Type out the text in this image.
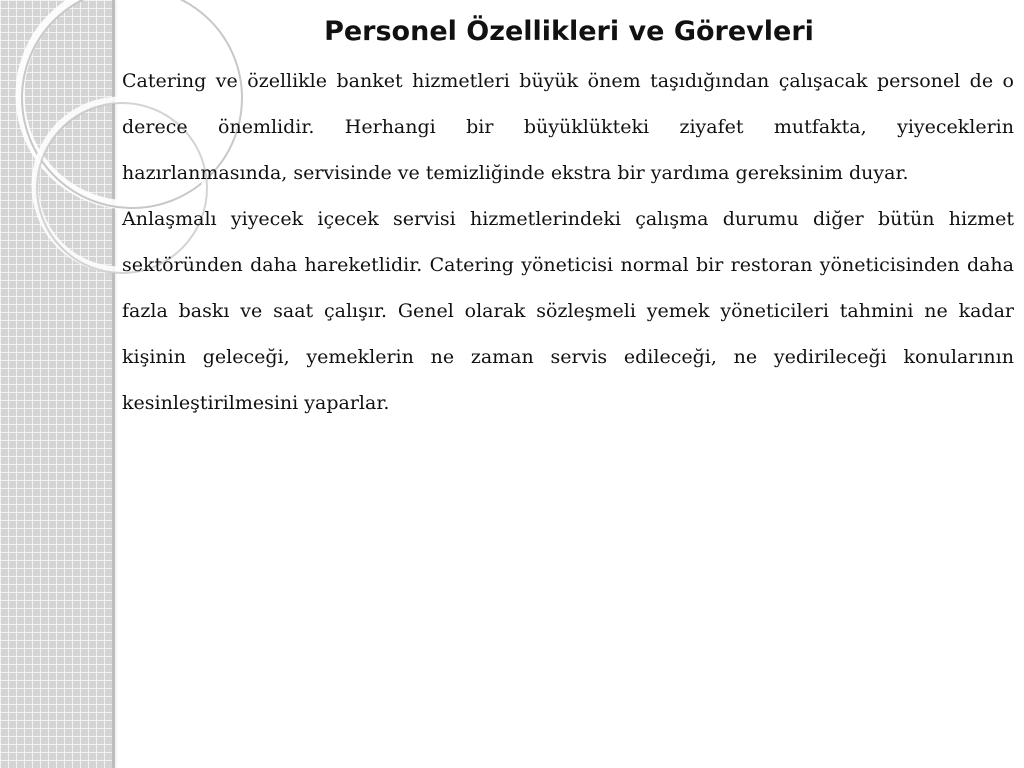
Personel Özellikleri ve Görevleri

Catering ve özellikle banket hizmetleri büyük önem taşıdığından çalışacak personel de o derece önemlidir. Herhangi bir büyüklükteki ziyafet mutfakta, yiyeceklerin hazırlanmasında, servisinde ve temizliğinde ekstra bir yardıma gereksinim duyar.

Anlaşmalı yiyecek içecek servisi hizmetlerindeki çalışma durumu diğer bütün hizmet sektöründen daha hareketlidir. Catering yöneticisi normal bir restoran yöneticisinden daha fazla baskı ve saat çalışır. Genel olarak sözleşmeli yemek yöneticileri tahmini ne kadar kişinin geleceği, yemeklerin ne zaman servis edileceği, ne yedirileceği konularının kesinleştirilmesini yaparlar.
